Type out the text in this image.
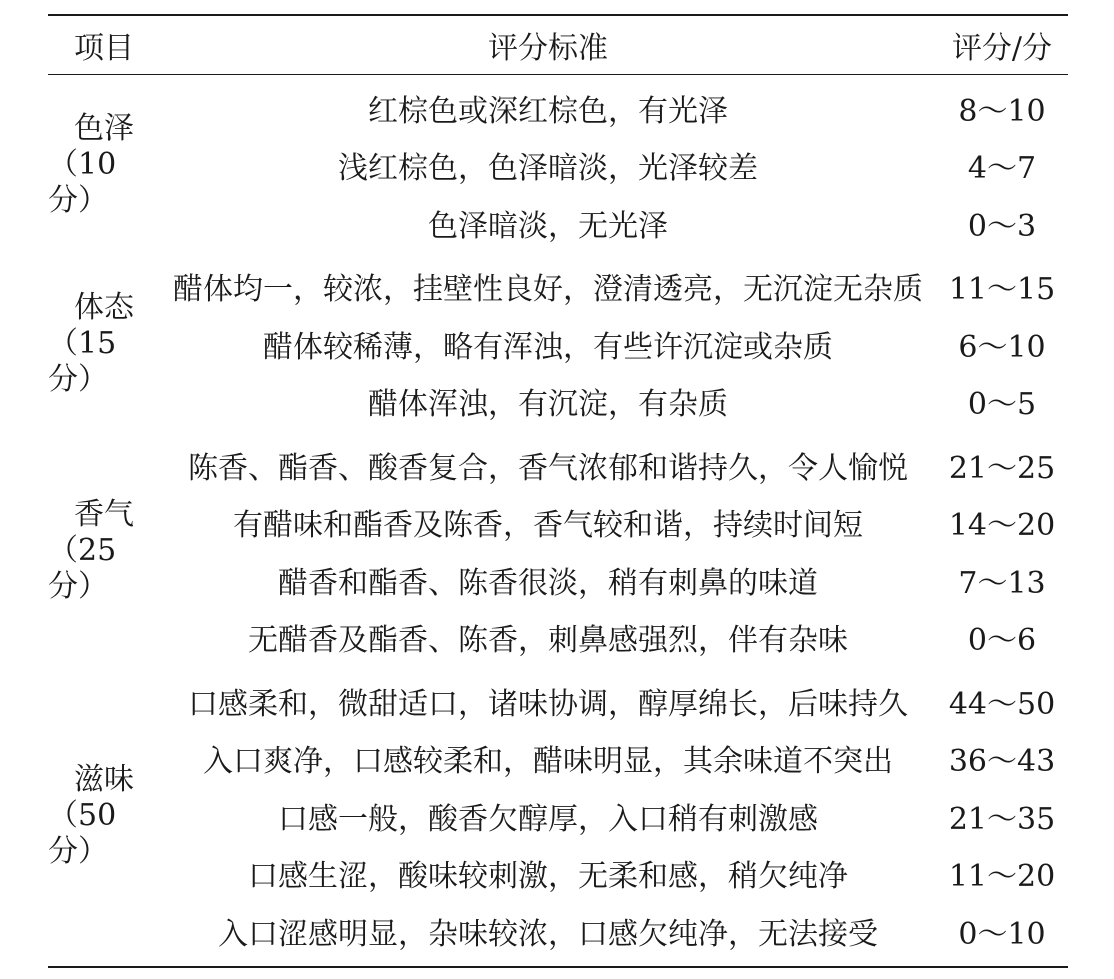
项目	评分标准	评分/分
色泽
（10分）
红棕色或深红棕色，有光泽	8～10
浅红棕色，色泽暗淡，光泽较差	4～7
色泽暗淡，无光泽	0～3
体态
（15分）
醋体均一，较浓，挂壁性良好，澄清透亮，无沉淀无杂质 11～15
醋体较稀薄，略有浑浊，有些许沉淀或杂质	6～10
醋体浑浊，有沉淀，有杂质	0～5
香气
（25分）
陈香、酯香、酸香复合，香气浓郁和谐持久，令人愉悦	21～25
有醋味和酯香及陈香，香气较和谐，持续时间短	14～20
醋香和酯香、陈香很淡，稍有刺鼻的味道	7～13
无醋香及酯香、陈香，刺鼻感强烈，伴有杂味	0～6
滋味
（50分）
口感柔和，微甜适口，诸味协调，醇厚绵长，后味持久	44～50
入口爽净，口感较柔和，醋味明显，其余味道不突出	36～43
口感一般，酸香欠醇厚，入口稍有刺激感	21～35
口感生涩，酸味较刺激，无柔和感，稍欠纯净	11～20
入口涩感明显，杂味较浓，口感欠纯净，无法接受	0～10
